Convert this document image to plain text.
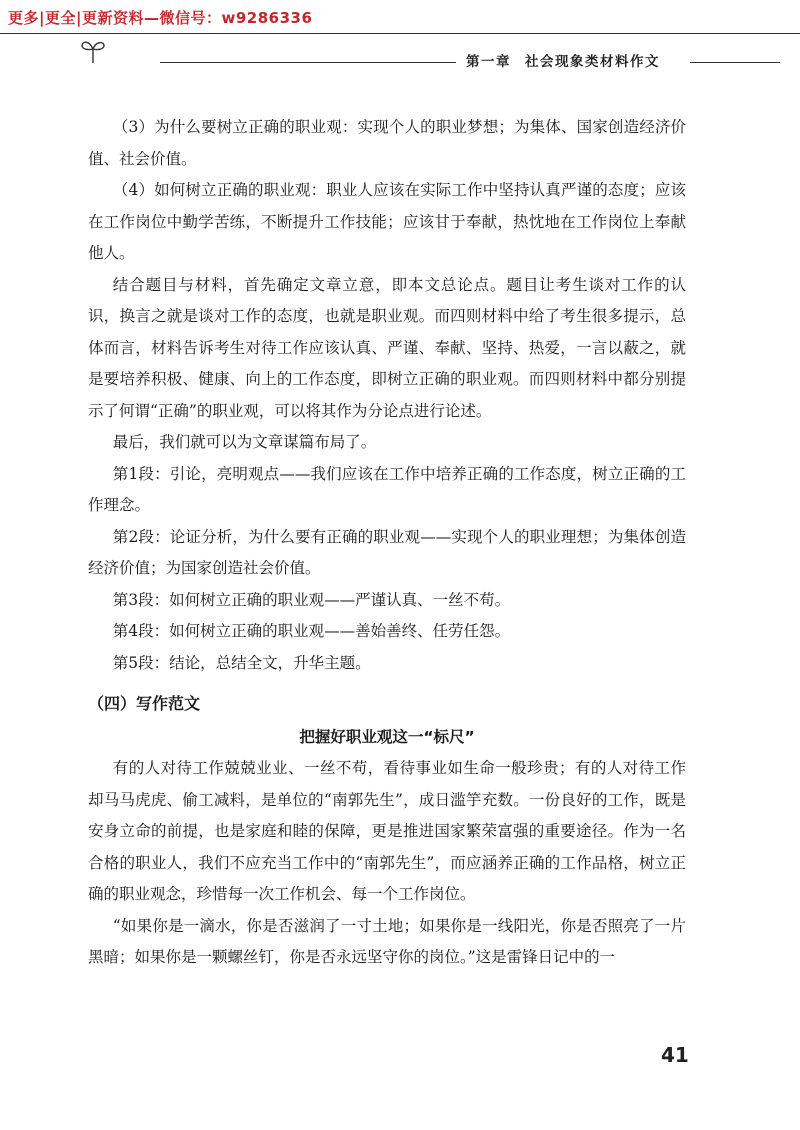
更多|更全|更新资料—微信号：w9286336
第一章 社会现象类材料作文

（3）为什么要树立正确的职业观：实现个人的职业梦想；为集体、国家创造经济价值、社会价值。

（4）如何树立正确的职业观：职业人应该在实际工作中坚持认真严谨的态度；应该在工作岗位中勤学苦练，不断提升工作技能；应该甘于奉献，热忱地在工作岗位上奉献他人。

结合题目与材料，首先确定文章立意，即本文总论点。题目让考生谈对工作的认识，换言之就是谈对工作的态度，也就是职业观。而四则材料中给了考生很多提示，总体而言，材料告诉考生对待工作应该认真、严谨、奉献、坚持、热爱，一言以蔽之，就是要培养积极、健康、向上的工作态度，即树立正确的职业观。而四则材料中都分别提示了何谓“正确”的职业观，可以将其作为分论点进行论述。

最后，我们就可以为文章谋篇布局了。

第1段：引论，亮明观点——我们应该在工作中培养正确的工作态度，树立正确的工作理念。

第2段：论证分析，为什么要有正确的职业观——实现个人的职业理想；为集体创造经济价值；为国家创造社会价值。

第3段：如何树立正确的职业观——严谨认真、一丝不苟。

第4段：如何树立正确的职业观——善始善终、任劳任怨。

第5段：结论，总结全文，升华主题。

（四）写作范文

把握好职业观这一“标尺”

有的人对待工作兢兢业业、一丝不苟，看待事业如生命一般珍贵；有的人对待工作却马马虎虎、偷工减料，是单位的“南郭先生”，成日滥竽充数。一份良好的工作，既是安身立命的前提，也是家庭和睦的保障，更是推进国家繁荣富强的重要途径。作为一名合格的职业人，我们不应充当工作中的“南郭先生”，而应涵养正确的工作品格，树立正确的职业观念，珍惜每一次工作机会、每一个工作岗位。

“如果你是一滴水，你是否滋润了一寸土地；如果你是一线阳光，你是否照亮了一片黑暗；如果你是一颗螺丝钉，你是否永远坚守你的岗位。”这是雷锋日记中的一

41
